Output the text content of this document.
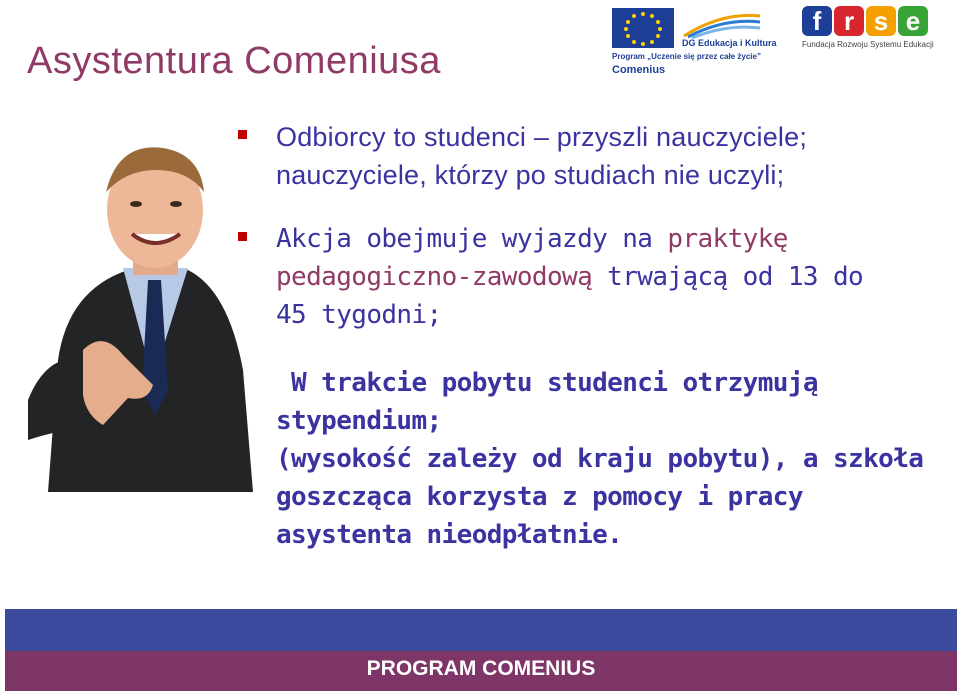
Asystentura Comeniusa	DG Edukacja i Kultura
Program „Uczenie się przez całe życie”
Comenius
f r s e
Fundacja Rozwoju Systemu Edukacji
Odbiorcy to studenci – przyszli nauczyciele;
nauczyciele, którzy po studiach nie uczyli;
Akcja obejmuje wyjazdy na praktykę
pedagogiczno-zawodową trwającą od 13 do
45 tygodni;
W trakcie pobytu studenci otrzymują
stypendium;
(wysokość zależy od kraju pobytu), a szkoła
goszcząca korzysta z pomocy i pracy
asystenta nieodpłatnie.
PROGRAM COMENIUS
